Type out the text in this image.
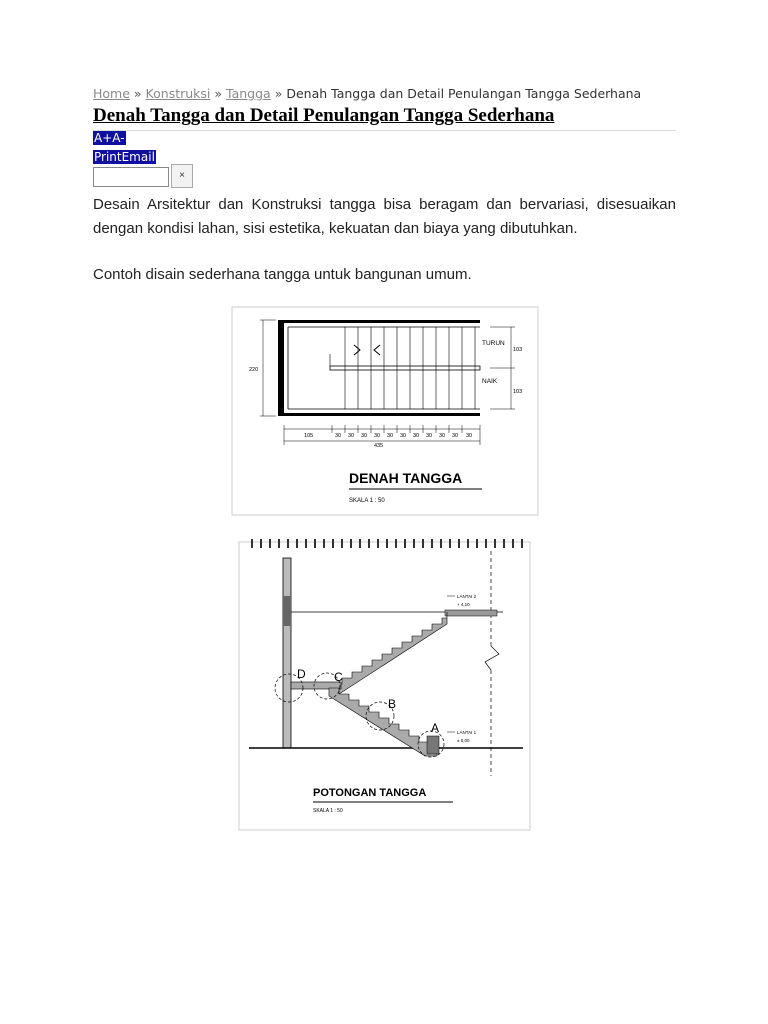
Home » Konstruksi » Tangga » Denah Tangga dan Detail Penulangan Tangga Sederhana
Denah Tangga dan Detail Penulangan Tangga Sederhana
A+A-
PrintEmail
×
Desain Arsitektur dan Konstruksi tangga bisa beragam dan bervariasi, disesuaikan dengan kondisi lahan, sisi estetika, kekuatan dan biaya yang dibutuhkan.
Contoh disain sederhana tangga untuk bangunan umum.
TURUN
NAIK
103
103
220
105	30 30 30 30 30 30 30 30 30 30 30
435
DENAH TANGGA
SKALA 1 : 50
D C
B
A
LANTAI 2
+ 4,10
LANTAI 1
± 0,00
POTONGAN TANGGA
SKALA 1 : 50
